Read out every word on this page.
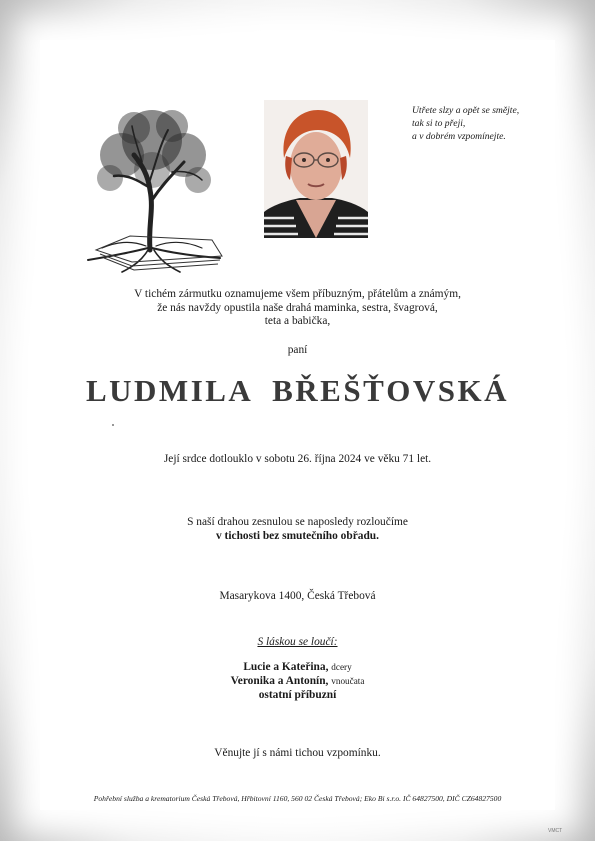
Utřete slzy a opět se smějte,
tak si to přeji,
a v dobrém vzpomínejte.
V tichém zármutku oznamujeme všem příbuzným, přátelům a známým,
že nás navždy opustila naše drahá maminka, sestra, švagrová,
teta a babička,
paní
LUDMILA  BŘEŠŤOVSKÁ
Její srdce dotlouklo v sobotu 26. října 2024 ve věku 71 let.
S naší drahou zesnulou se naposledy rozloučíme
v tichosti bez smutečního obřadu.
Masarykova 1400, Česká Třebová
S láskou se loučí:
Lucie a Kateřina, dcery
Veronika a Antonín, vnoučata
ostatní příbuzní
Věnujte jí s námi tichou vzpomínku.
Pohřební služba a krematorium Česká Třebová, Hřbitovní 1160, 560 02 Česká Třebová; Eko Bi s.r.o. IČ 64827500, DIČ CZ64827500
VMCT
